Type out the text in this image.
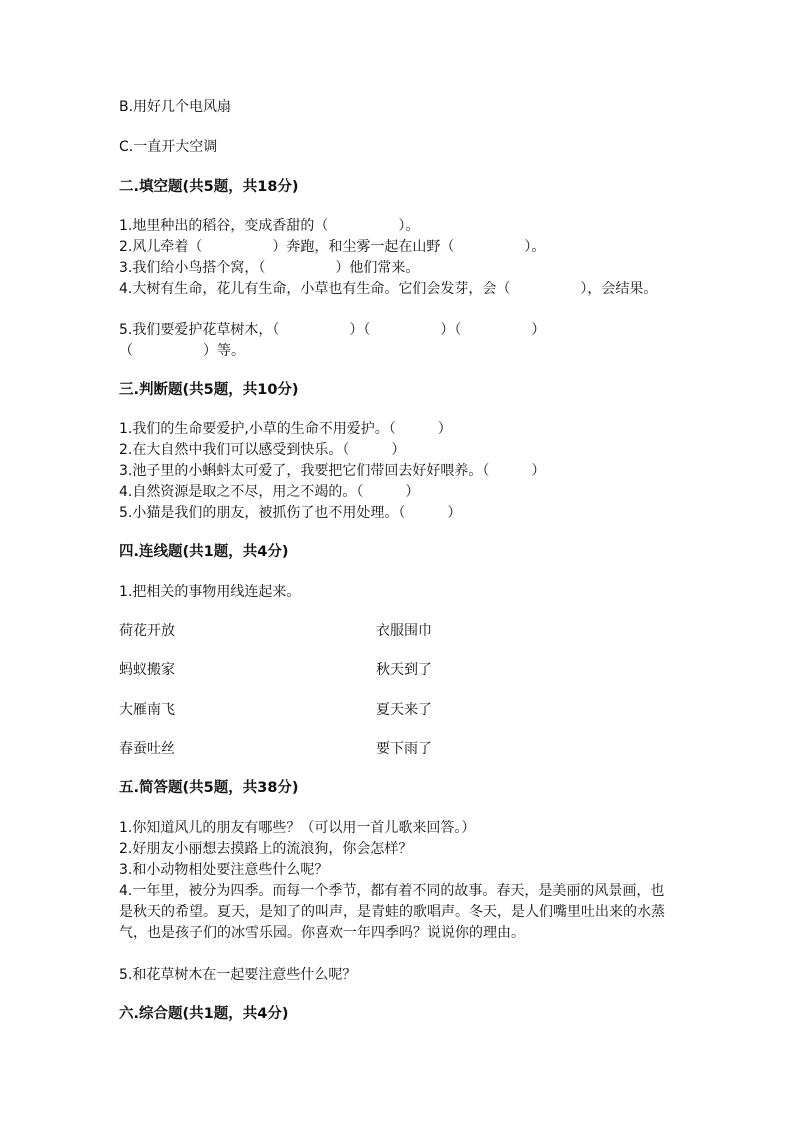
B.用好几个电风扇
C.一直开大空调
二.填空题(共5题，共18分)
1.地里种出的稻谷，变成香甜的（　　　　　）。
2.风儿牵着（　　　　　）奔跑，和尘雾一起在山野（　　　　　）。
3.我们给小鸟搭个窝，（　　　　　）他们常来。
4.大树有生命，花儿有生命，小草也有生命。它们会发芽，会（　　　　　），会结果。
5.我们要爱护花草树木，（　　　　　）（　　　　　）（　　　　　）（　　　　　）等。
三.判断题(共5题，共10分)
1.我们的生命要爱护,小草的生命不用爱护。（　　　）
2.在大自然中我们可以感受到快乐。（　　　）
3.池子里的小蝌蚪太可爱了，我要把它们带回去好好喂养。（　　　）
4.自然资源是取之不尽，用之不竭的。（　　　）
5.小猫是我们的朋友，被抓伤了也不用处理。（　　　）
四.连线题(共1题，共4分)
1.把相关的事物用线连起来。
荷花开放	衣服围巾
蚂蚁搬家	秋天到了
大雁南飞	夏天来了
春蚕吐丝	要下雨了
五.简答题(共5题，共38分)
1.你知道风儿的朋友有哪些？（可以用一首儿歌来回答。）
2.好朋友小丽想去摸路上的流浪狗，你会怎样？
3.和小动物相处要注意些什么呢？
4.一年里，被分为四季。而每一个季节，都有着不同的故事。春天，是美丽的风景画，也是秋天的希望。夏天，是知了的叫声，是青蛙的歌唱声。冬天，是人们嘴里吐出来的水蒸气，也是孩子们的冰雪乐园。你喜欢一年四季吗？说说你的理由。
5.和花草树木在一起要注意些什么呢？
六.综合题(共1题，共4分)
